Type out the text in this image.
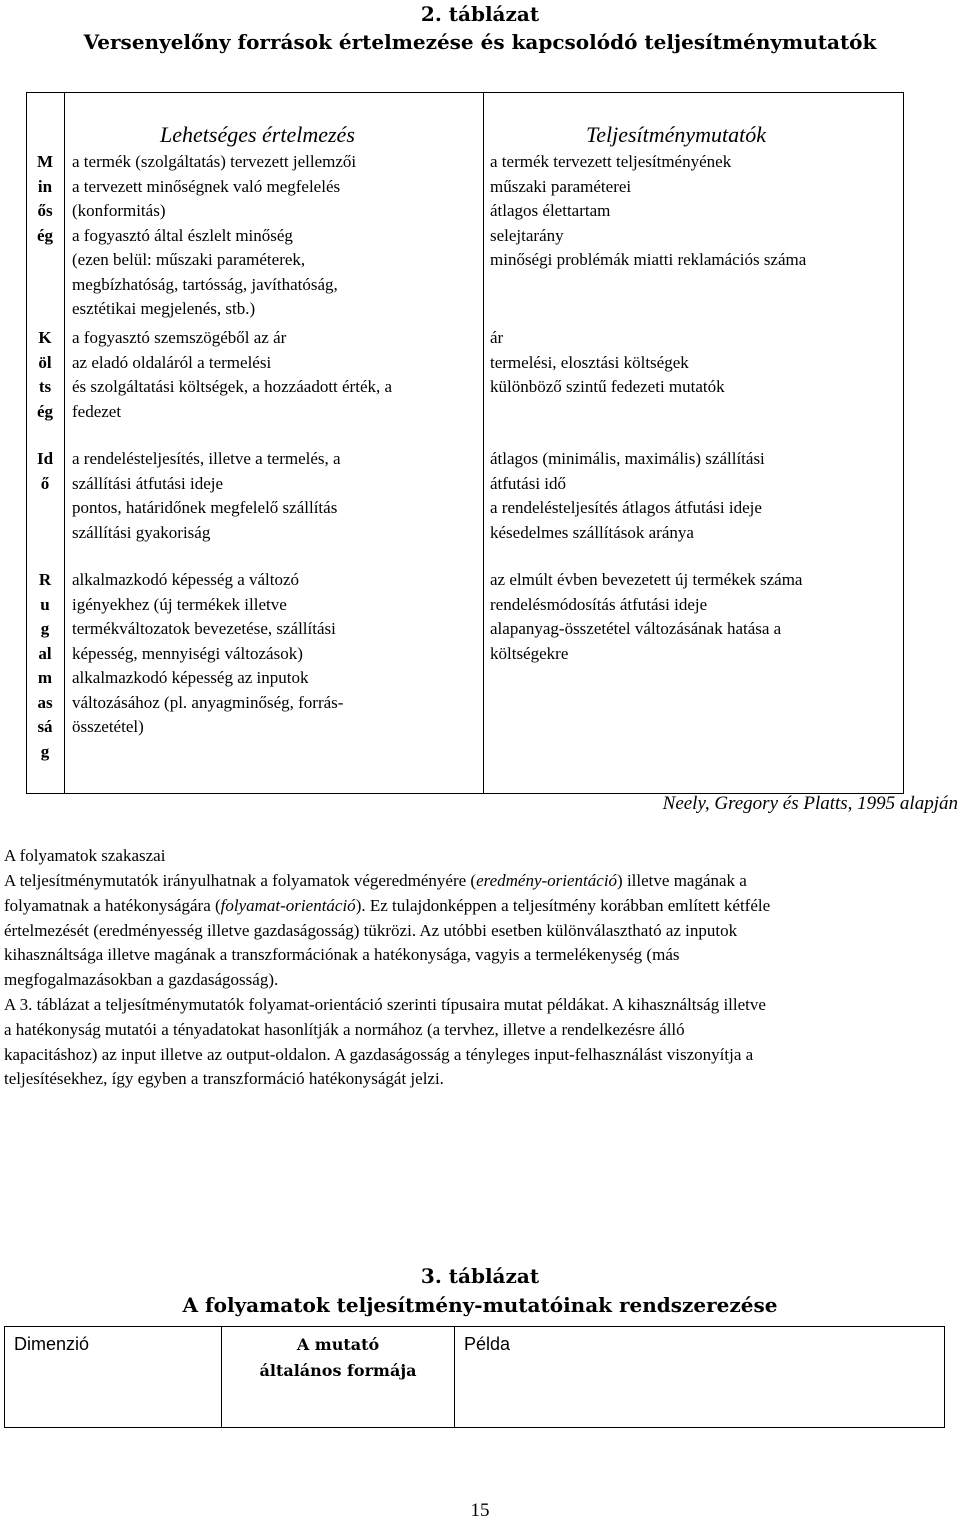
2. táblázat
Versenyelőny források értelmezése és kapcsolódó teljesítménymutatók
Lehetséges értelmezés	Teljesítménymutatók
M
in
ős
ég
a termék (szolgáltatás) tervezett jellemzői
a tervezett minőségnek való megfelelés
(konformitás)
a fogyasztó által észlelt minőség
(ezen belül: műszaki paraméterek,
megbízhatóság, tartósság, javíthatóság,
esztétikai megjelenés, stb.)
a termék tervezett teljesítményének
műszaki paraméterei
átlagos élettartam
selejtarány
minőségi problémák miatti reklamációs száma
K
öl
ts
ég
a fogyasztó szemszögéből az ár
az eladó oldaláról a termelési
és szolgáltatási költségek, a hozzáadott érték, a
fedezet
ár
termelési, elosztási költségek
különböző szintű fedezeti mutatók
Id
ő
a rendelésteljesítés, illetve a termelés, a
szállítási átfutási ideje
pontos, határidőnek megfelelő szállítás
szállítási gyakoriság
átlagos (minimális, maximális) szállítási
átfutási idő
a rendelésteljesítés átlagos átfutási ideje
késedelmes szállítások aránya
R
u
g
al
m
as
sá
g
alkalmazkodó képesség a változó
igényekhez (új termékek illetve
termékváltozatok bevezetése, szállítási
képesség, mennyiségi változások)
alkalmazkodó képesség az inputok
változásához (pl. anyagminőség, forrás-
összetétel)
az elmúlt évben bevezetett új termékek száma
rendelésmódosítás átfutási ideje
alapanyag-összetétel változásának hatása a
költségekre
Neely, Gregory és Platts, 1995 alapján
A folyamatok szakaszai
A teljesítménymutatók irányulhatnak a folyamatok végeredményére (eredmény-orientáció) illetve magának a
folyamatnak a hatékonyságára (folyamat-orientáció). Ez tulajdonképpen a teljesítmény korábban említett kétféle
értelmezését (eredményesség illetve gazdaságosság) tükrözi. Az utóbbi esetben különválasztható az inputok
kihasználtsága illetve magának a transzformációnak a hatékonysága, vagyis a termelékenység (más
megfogalmazásokban a gazdaságosság).
A 3. táblázat a teljesítménymutatók folyamat-orientáció szerinti típusaira mutat példákat. A kihasználtság illetve
a hatékonyság mutatói a tényadatokat hasonlítják a normához (a tervhez, illetve a rendelkezésre álló
kapacitáshoz) az input illetve az output-oldalon. A gazdaságosság a tényleges input-felhasználást viszonyítja a
teljesítésekhez, így egyben a transzformáció hatékonyságát jelzi.
3. táblázat
A folyamatok teljesítmény-mutatóinak rendszerezése
Dimenzió	A mutató
általános formája
Példa
15
